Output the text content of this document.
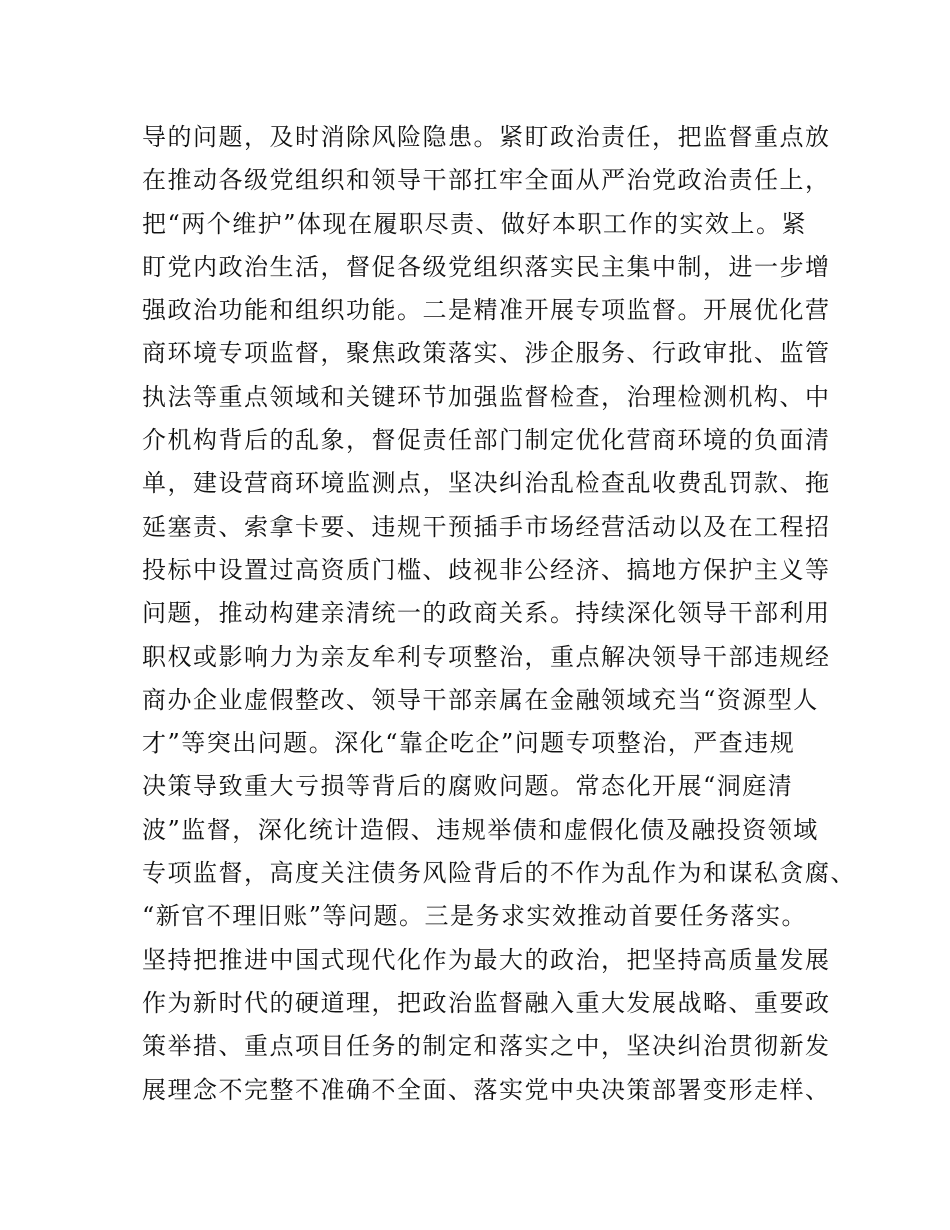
导的问题，及时消除风险隐患。紧盯政治责任，把监督重点放
在推动各级党组织和领导干部扛牢全面从严治党政治责任上，
把“两个维护”体现在履职尽责、做好本职工作的实效上。紧
盯党内政治生活，督促各级党组织落实民主集中制，进一步增
强政治功能和组织功能。二是精准开展专项监督。开展优化营
商环境专项监督，聚焦政策落实、涉企服务、行政审批、监管
执法等重点领域和关键环节加强监督检查，治理检测机构、中
介机构背后的乱象，督促责任部门制定优化营商环境的负面清
单，建设营商环境监测点，坚决纠治乱检查乱收费乱罚款、拖
延塞责、索拿卡要、违规干预插手市场经营活动以及在工程招
投标中设置过高资质门槛、歧视非公经济、搞地方保护主义等
问题，推动构建亲清统一的政商关系。持续深化领导干部利用
职权或影响力为亲友牟利专项整治，重点解决领导干部违规经
商办企业虚假整改、领导干部亲属在金融领域充当“资源型人
才”等突出问题。深化“靠企吃企”问题专项整治，严查违规
决策导致重大亏损等背后的腐败问题。常态化开展“洞庭清
波”监督，深化统计造假、违规举债和虚假化债及融投资领域
专项监督，高度关注债务风险背后的不作为乱作为和谋私贪腐、
“新官不理旧账”等问题。三是务求实效推动首要任务落实。
坚持把推进中国式现代化作为最大的政治，把坚持高质量发展
作为新时代的硬道理，把政治监督融入重大发展战略、重要政
策举措、重点项目任务的制定和落实之中，坚决纠治贯彻新发
展理念不完整不准确不全面、落实党中央决策部署变形走样、
